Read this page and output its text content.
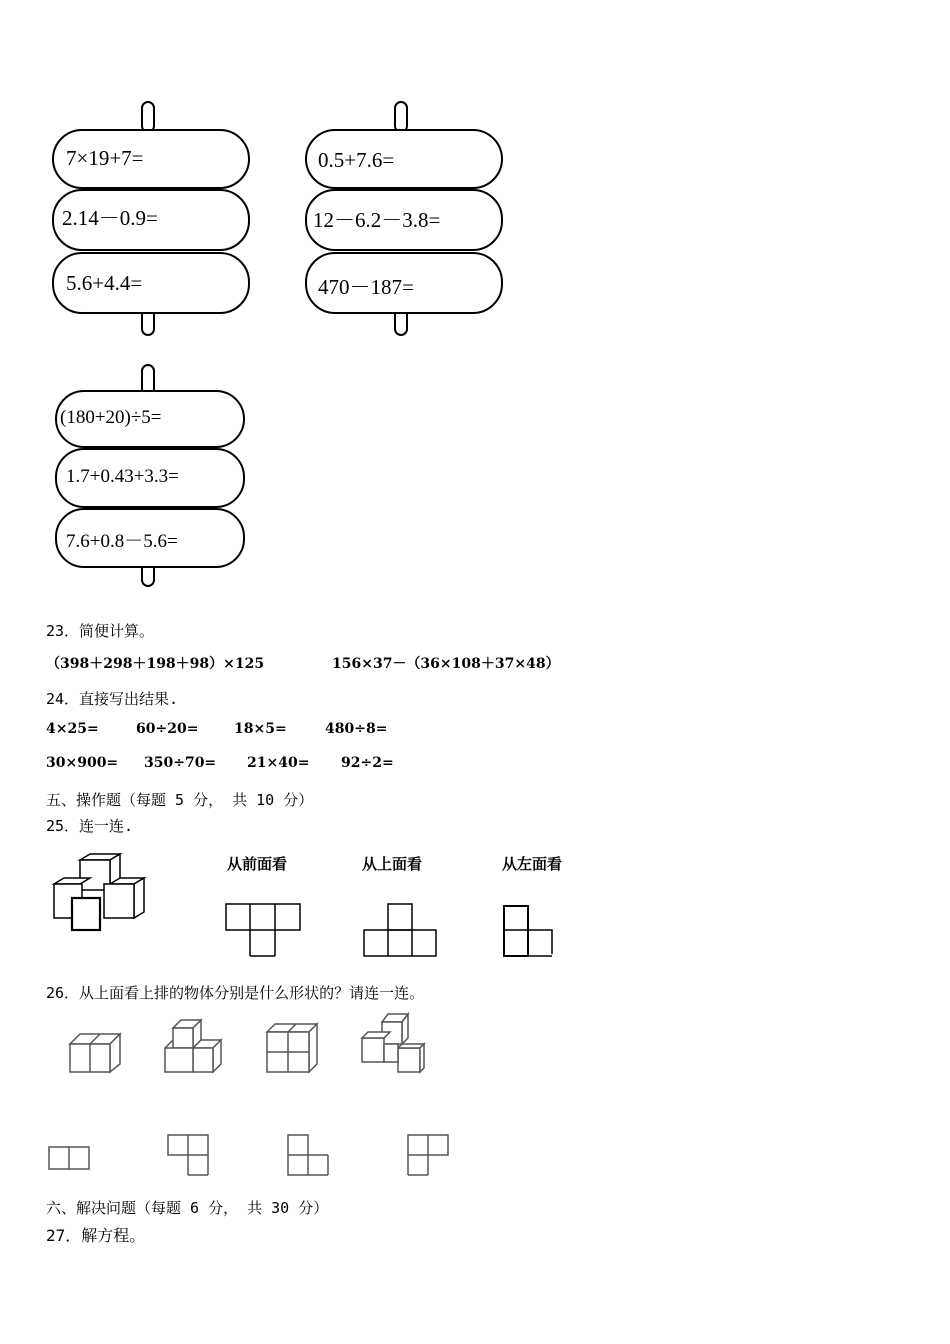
7×19+7=
2.14－0.9=
5.6+4.4=
0.5+7.6=
12－6.2－3.8=
470－187=
(180+20)÷5=
1.7+0.43+3.3=
7.6+0.8－5.6=
23．简便计算。
（398＋298＋198＋98）×125	156×37－（36×108＋37×48）
24．直接写出结果.
4×25=	60÷20=	18×5=	480÷8=
30×900= 350÷70= 21×40= 92÷2=
五、操作题（每题 5 分， 共 10 分）
25．连一连.
从前面看	从上面看	从左面看
26．从上面看上排的物体分别是什么形状的？请连一连。
六、解决问题（每题 6 分， 共 30 分）
27．解方程。
